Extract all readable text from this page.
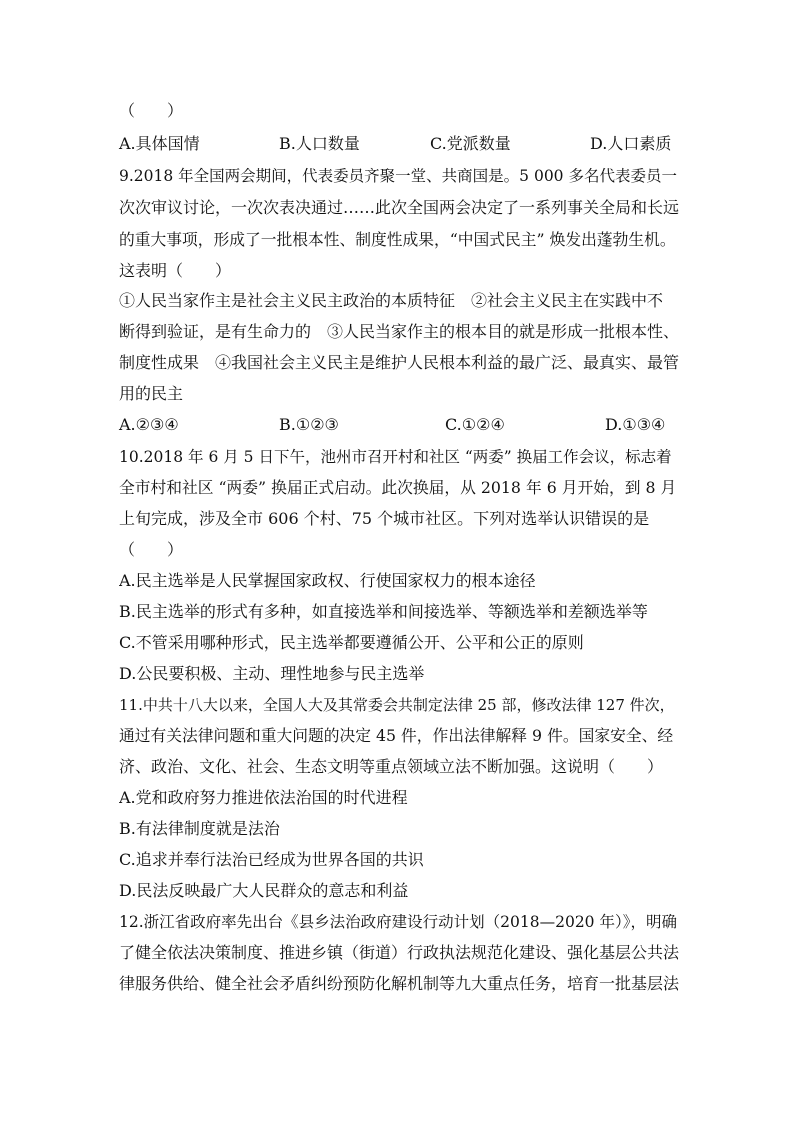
（　　）
A.具体国情	B.人口数量	C.党派数量	D.人口素质
9.2018 年全国两会期间，代表委员齐聚一堂、共商国是。5 000 多名代表委员一
次次审议讨论，一次次表决通过……此次全国两会决定了一系列事关全局和长远
的重大事项，形成了一批根本性、制度性成果，“中国式民主” 焕发出蓬勃生机。
这表明（　　）
①人民当家作主是社会主义民主政治的本质特征　②社会主义民主在实践中不
断得到验证，是有生命力的　③人民当家作主的根本目的就是形成一批根本性、
制度性成果　④我国社会主义民主是维护人民根本利益的最广泛、最真实、最管
用的民主
A.②③④	B.①②③	C.①②④	D.①③④
10.2018 年 6 月 5 日下午，池州市召开村和社区 “两委” 换届工作会议，标志着
全市村和社区 “两委” 换届正式启动。此次换届，从 2018 年 6 月开始，到 8 月
上旬完成，涉及全市 606 个村、75 个城市社区。下列对选举认识错误的是
（　　）
A.民主选举是人民掌握国家政权、行使国家权力的根本途径
B.民主选举的形式有多种，如直接选举和间接选举、等额选举和差额选举等
C.不管采用哪种形式，民主选举都要遵循公开、公平和公正的原则
D.公民要积极、主动、理性地参与民主选举
11.中共十八大以来，全国人大及其常委会共制定法律 25 部，修改法律 127 件次，
通过有关法律问题和重大问题的决定 45 件，作出法律解释 9 件。国家安全、经
济、政治、文化、社会、生态文明等重点领域立法不断加强。这说明（　　）
A.党和政府努力推进依法治国的时代进程
B.有法律制度就是法治
C.追求并奉行法治已经成为世界各国的共识
D.民法反映最广大人民群众的意志和利益
12.浙江省政府率先出台《县乡法治政府建设行动计划（2018—2020 年）》，明确
了健全依法决策制度、推进乡镇（街道）行政执法规范化建设、强化基层公共法
律服务供给、健全社会矛盾纠纷预防化解机制等九大重点任务，培育一批基层法
